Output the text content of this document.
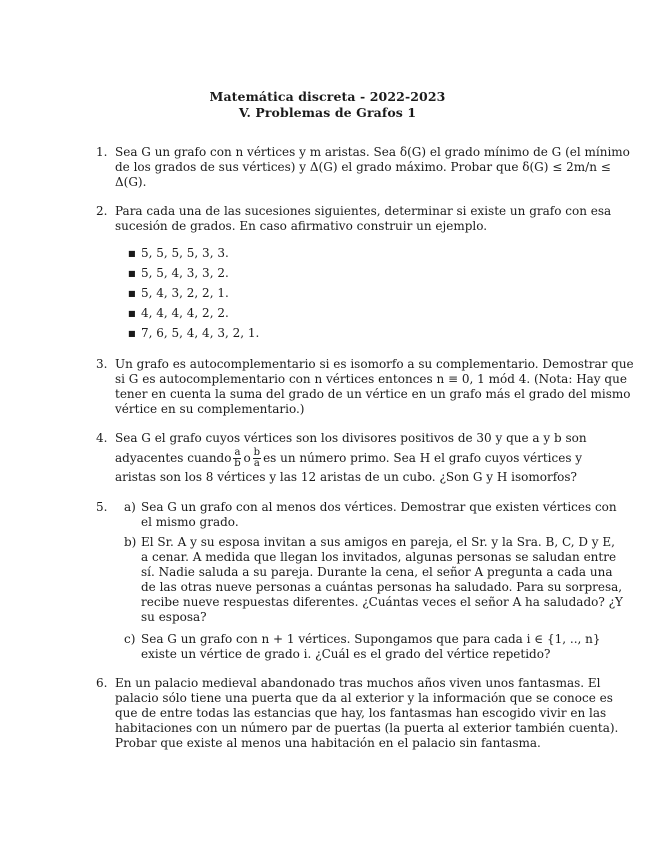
Matemática discreta - 2022-2023
V. Problemas de Grafos 1
1. Sea G un grafo con n vértices y m aristas. Sea δ(G) el grado mínimo de G (el mínimo
de los grados de sus vértices) y Δ(G) el grado máximo. Probar que δ(G) ≤ 2m/n ≤
Δ(G).
2. Para cada una de las sucesiones siguientes, determinar si existe un grafo con esa
sucesión de grados. En caso afirmativo construir un ejemplo.
■ 5, 5, 5, 5, 3, 3.
■ 5, 5, 4, 3, 3, 2.
■ 5, 4, 3, 2, 2, 1.
■ 4, 4, 4, 4, 2, 2.
■ 7, 6, 5, 4, 4, 3, 2, 1.
3. Un grafo es autocomplementario si es isomorfo a su complementario. Demostrar que
si G es autocomplementario con n vértices entonces n ≡ 0, 1 mód 4. (Nota: Hay que
tener en cuenta la suma del grado de un vértice en un grafo más el grado del mismo
vértice en su complementario.)
4. Sea G el grafo cuyos vértices son los divisores positivos de 30 y que a y b son
adyacentes cuando $\frac{a}{b}$ o $\frac{b}{a}$ es un número primo. Sea H el grafo cuyos vértices y
aristas son los 8 vértices y las 12 aristas de un cubo. ¿Son G y H isomorfos?
5. a) Sea G un grafo con al menos dos vértices. Demostrar que existen vértices con
el mismo grado.
b) El Sr. A y su esposa invitan a sus amigos en pareja, el Sr. y la Sra. B, C, D y E,
a cenar. A medida que llegan los invitados, algunas personas se saludan entre
sí. Nadie saluda a su pareja. Durante la cena, el señor A pregunta a cada una
de las otras nueve personas a cuántas personas ha saludado. Para su sorpresa,
recibe nueve respuestas diferentes. ¿Cuántas veces el señor A ha saludado? ¿Y
su esposa?
c) Sea G un grafo con n + 1 vértices. Supongamos que para cada i ∈ {1, .., n}
existe un vértice de grado i. ¿Cuál es el grado del vértice repetido?
6. En un palacio medieval abandonado tras muchos años viven unos fantasmas. El
palacio sólo tiene una puerta que da al exterior y la información que se conoce es
que de entre todas las estancias que hay, los fantasmas han escogido vivir en las
habitaciones con un número par de puertas (la puerta al exterior también cuenta).
Probar que existe al menos una habitación en el palacio sin fantasma.
